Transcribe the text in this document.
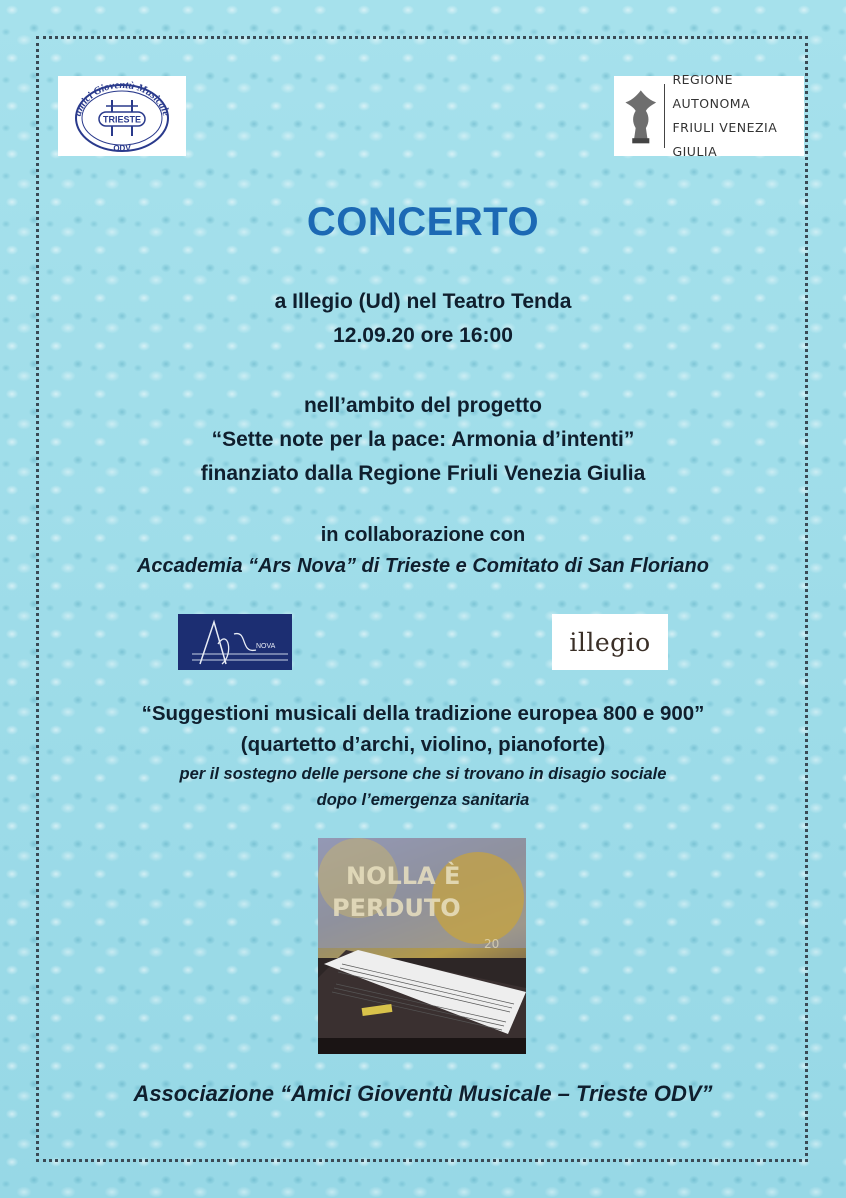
amici Gioventù Musicale
TRIESTE
ODV
REGIONE AUTONOMA
FRIULI VENEZIA GIULIA
CONCERTO
a Illegio (Ud) nel Teatro Tenda
12.09.20 ore 16:00
nell’ambito del progetto
“Sette note per la pace: Armonia d’intenti”
finanziato dalla Regione Friuli Venezia Giulia
in collaborazione con
Accademia “Ars Nova” di Trieste e Comitato di San Floriano
NOVA	illegio
“Suggestioni musicali della tradizione europea 800 e 900”
(quartetto d’archi, violino, pianoforte)
per il sostegno delle persone che si trovano in disagio sociale
dopo l’emergenza sanitaria
NOLLA È
PERDUTO
20
Associazione “Amici Gioventù Musicale – Trieste ODV”
